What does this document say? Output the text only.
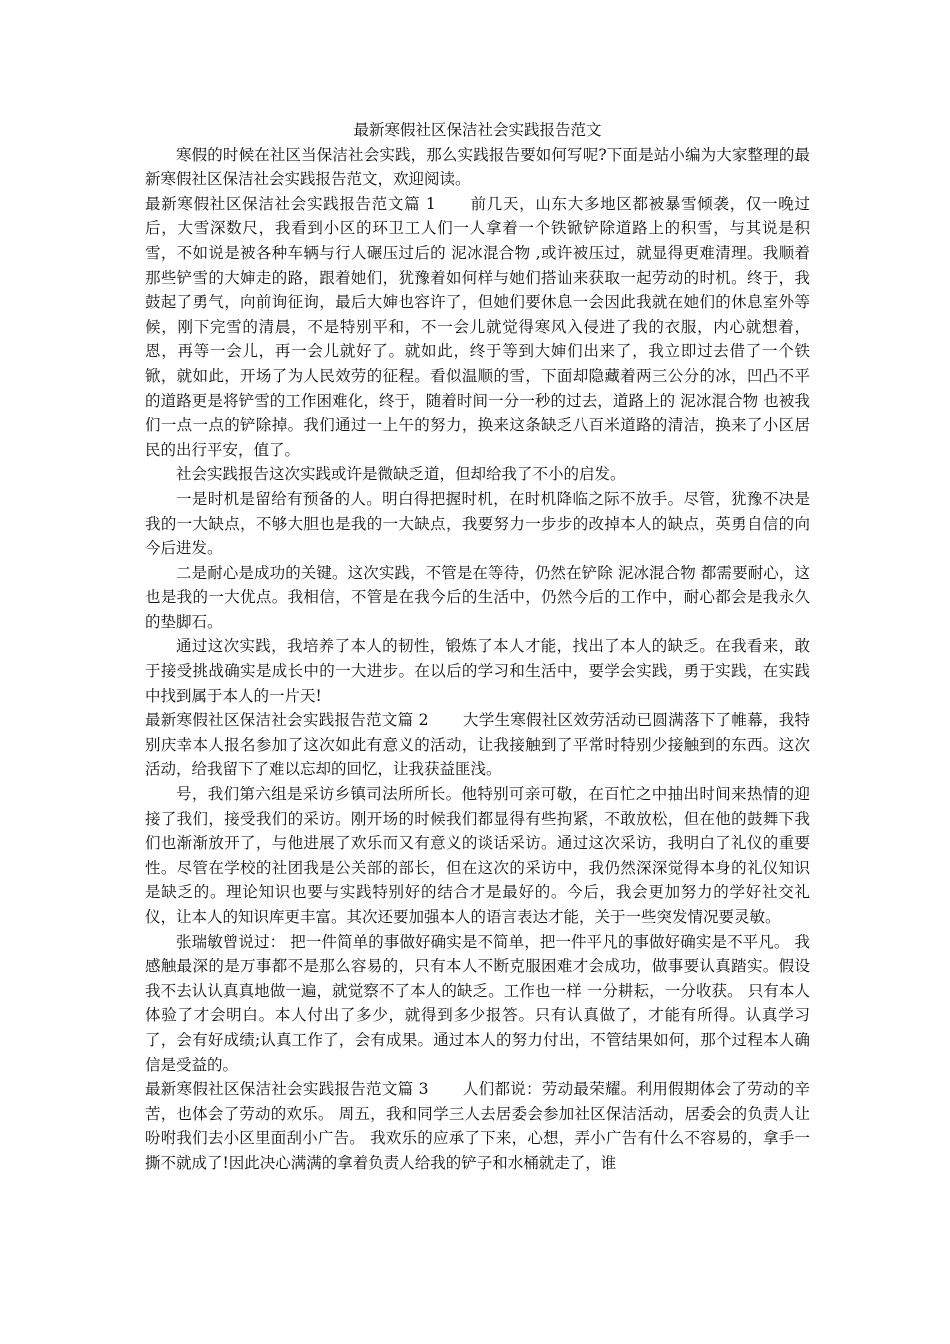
最新寒假社区保洁社会实践报告范文

寒假的时候在社区当保洁社会实践，那么实践报告要如何写呢?下面是站小编为大家整理的最新寒假社区保洁社会实践报告范文，欢迎阅读。

最新寒假社区保洁社会实践报告范文篇 1 前几天，山东大多地区都被暴雪倾袭，仅一晚过后，大雪深数尺，我看到小区的环卫工人们一人拿着一个铁锨铲除道路上的积雪，与其说是积雪，不如说是被各种车辆与行人碾压过后的 泥冰混合物 ,或许被压过，就显得更难清理。我顺着那些铲雪的大婶走的路，跟着她们，犹豫着如何样与她们搭讪来获取一起劳动的时机。终于，我鼓起了勇气，向前询征询，最后大婶也容许了，但她们要休息一会因此我就在她们的休息室外等候，刚下完雪的清晨，不是特别平和，不一会儿就觉得寒风入侵进了我的衣服，内心就想着，恩，再等一会儿，再一会儿就好了。就如此，终于等到大婶们出来了，我立即过去借了一个铁锨，就如此，开场了为人民效劳的征程。看似温顺的雪，下面却隐藏着两三公分的冰，凹凸不平的道路更是将铲雪的工作困难化，终于，随着时间一分一秒的过去，道路上的 泥冰混合物 也被我们一点一点的铲除掉。我们通过一上午的努力，换来这条缺乏八百米道路的清洁，换来了小区居民的出行平安，值了。

社会实践报告这次实践或许是微缺乏道，但却给我了不小的启发。

一是时机是留给有预备的人。明白得把握时机，在时机降临之际不放手。尽管，犹豫不决是我的一大缺点，不够大胆也是我的一大缺点，我要努力一步步的改掉本人的缺点，英勇自信的向今后进发。

二是耐心是成功的关键。这次实践，不管是在等待，仍然在铲除 泥冰混合物 都需要耐心，这也是我的一大优点。我相信，不管是在我今后的生活中，仍然今后的工作中，耐心都会是我永久的垫脚石。

通过这次实践，我培养了本人的韧性，锻炼了本人才能，找出了本人的缺乏。在我看来，敢于接受挑战确实是成长中的一大进步。在以后的学习和生活中，要学会实践，勇于实践，在实践中找到属于本人的一片天!

最新寒假社区保洁社会实践报告范文篇 2 大学生寒假社区效劳活动已圆满落下了帷幕，我特别庆幸本人报名参加了这次如此有意义的活动，让我接触到了平常时特别少接触到的东西。这次活动，给我留下了难以忘却的回忆，让我获益匪浅。

号，我们第六组是采访乡镇司法所所长。他特别可亲可敬，在百忙之中抽出时间来热情的迎接了我们，接受我们的采访。刚开场的时候我们都显得有些拘紧，不敢放松，但在他的鼓舞下我们也渐渐放开了，与他进展了欢乐而又有意义的谈话采访。通过这次采访，我明白了礼仪的重要性。尽管在学校的社团我是公关部的部长，但在这次的采访中，我仍然深深觉得本身的礼仪知识是缺乏的。理论知识也要与实践特别好的结合才是最好的。今后，我会更加努力的学好社交礼仪，让本人的知识库更丰富。其次还要加强本人的语言表达才能，关于一些突发情况要灵敏。

张瑞敏曾说过： 把一件简单的事做好确实是不简单，把一件平凡的事做好确实是不平凡。 我感触最深的是万事都不是那么容易的，只有本人不断克服困难才会成功，做事要认真踏实。假设我不去认认真真地做一遍，就觉察不了本人的缺乏。工作也一样 一分耕耘，一分收获。 只有本人体验了才会明白。本人付出了多少，就得到多少报答。只有认真做了，才能有所得。认真学习了，会有好成绩;认真工作了，会有成果。通过本人的努力付出，不管结果如何，那个过程本人确信是受益的。

最新寒假社区保洁社会实践报告范文篇 3 人们都说：劳动最荣耀。利用假期体会了劳动的辛苦，也体会了劳动的欢乐。 周五，我和同学三人去居委会参加社区保洁活动，居委会的负责人让吩咐我们去小区里面刮小广告。 我欢乐的应承了下来，心想，弄小广告有什么不容易的，拿手一撕不就成了!因此决心满满的拿着负责人给我的铲子和水桶就走了，谁
